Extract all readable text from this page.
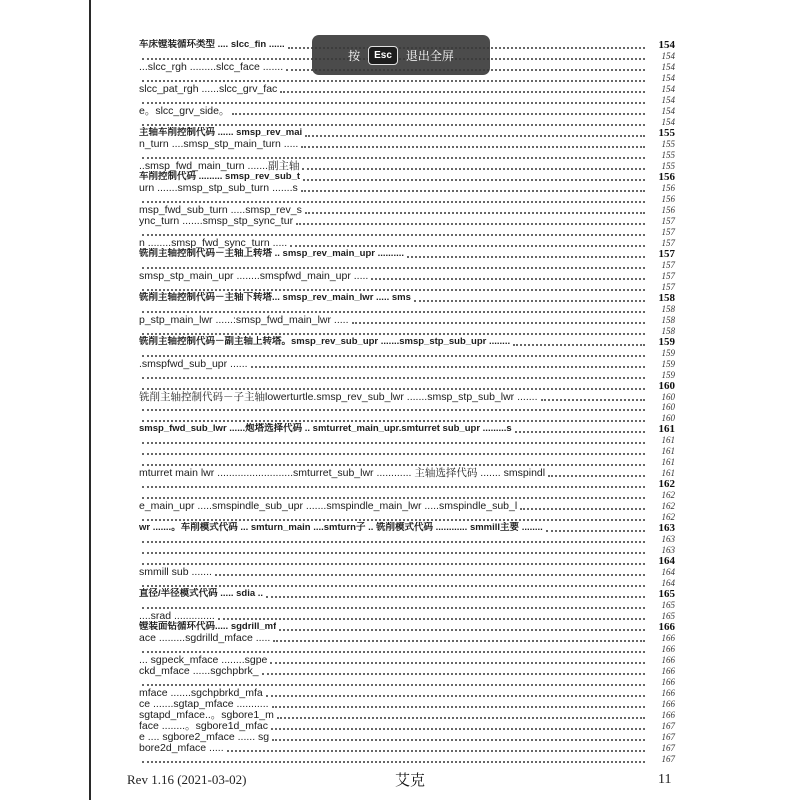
车床镗装循环类型 .... slcc_fin ......	154
154
...slcc_rgh .........slcc_face .......	154
154
slcc_pat_rgh ......slcc_grv_fac	154
154
e。slcc_grv_side。	154
154
主轴车削控制代码 ...... smsp_rev_mai	155
n_turn ....smsp_stp_main_turn .....	155
155
..smsp_fwd_main_turn .......副主轴	155
车削控制代码 ......... smsp_rev_sub_t	156
urn .......smsp_stp_sub_turn .......s	156
156
msp_fwd_sub_turn .....smsp_rev_s	156
ync_turn .......smsp_stp_sync_tur	157
157
n ........smsp_fwd_sync_turn .....	157
铣削主轴控制代码－主轴上转塔 .. smsp_rev_main_upr ..........	157
157
smsp_stp_main_upr ........smspfwd_main_upr .....	157
157
铣削主轴控制代码－主轴下转塔... smsp_rev_main_lwr ..... sms	158
158
p_stp_main_lwr ......:smsp_fwd_main_lwr .....	158
158
铣削主轴控制代码－副主轴上转塔。smsp_rev_sub_upr .......smsp_stp_sub_upr ........	159
159
.smspfwd_sub_upr ......	159
159
160
铣削主轴控制代码－子主轴lowerturtle.smsp_rev_sub_lwr .......smsp_stp_sub_lwr .......	160
160
160
smsp_fwd_sub_lwr ......炮塔选择代码 .. smturret_main_upr.smturret sub_upr .........s	161
161
161
161
mturret main lwr ..........................smturret_sub_lwr ............ 主轴选择代码 ....... smspindl	161
162
162
e_main_upr .....smspindle_sub_upr .......smspindle_main_lwr .....smspindle_sub_l	162
162
wr .......。车削模式代码 ... smturn_main ....smturn子 .. 铣削模式代码 ............ smmill主要 ........	163
163
163
164
smmill sub .......	164
164
直径/半径模式代码 ..... sdia ..	165
165
....srad ..............	165
镗装面钻循环代码..... sgdrill_mf	166
ace .........sgdrilld_mface .....	166
166
... sgpeck_mface ........sgpe	166
ckd_mface ......sgchpbrk_	166
166
mface .......sgchpbrkd_mfa	166
ce .......sgtap_mface ...........	166
sgtapd_mface..。sgbore1_m	166
face ........。sgbore1d_mfac	167
e .... sgbore2_mface ...... sg	167
bore2d_mface .....	167
167
按	Esc	退出全屏
Rev 1.16 (2021-03-02)	艾克	11
